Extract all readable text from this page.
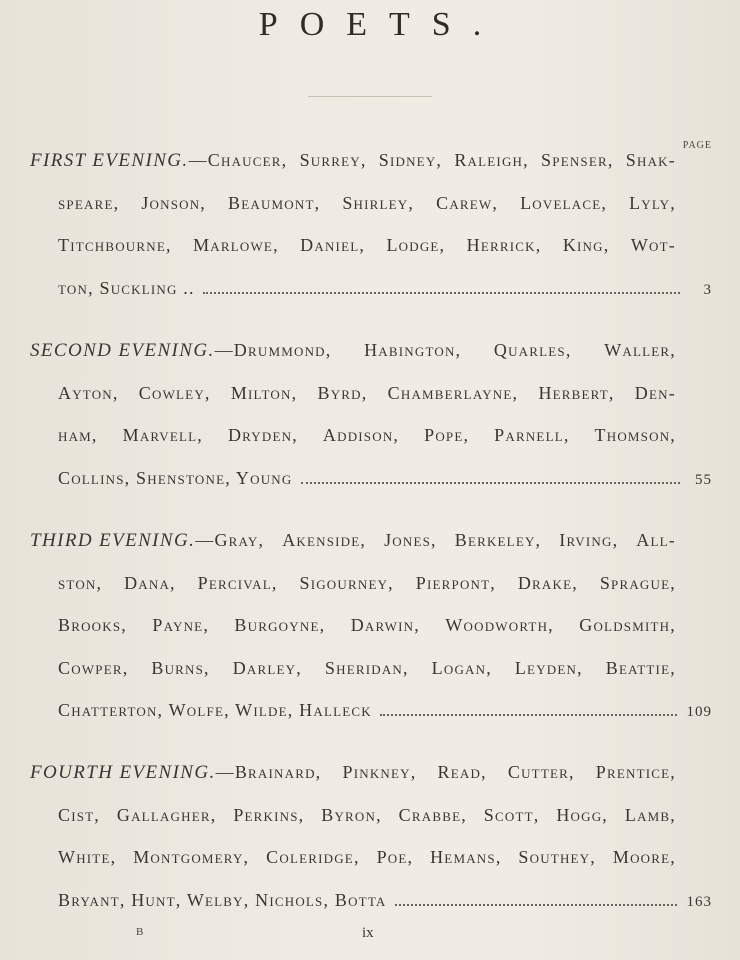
POETS.
PAGE
FIRST EVENING.—Chaucer, Surrey, Sidney, Raleigh, Spenser, Shak-
speare, Jonson, Beaumont, Shirley, Carew, Lovelace, Lyly,
Titchbourne, Marlowe, Daniel, Lodge, Herrick, King, Wot-
ton, Suckling ..	3
SECOND EVENING.—Drummond, Habington, Quarles, Waller,
Ayton, Cowley, Milton, Byrd, Chamberlayne, Herbert, Den-
ham, Marvell, Dryden, Addison, Pope, Parnell, Thomson,
Collins, Shenstone, Young	55
THIRD EVENING.—Gray, Akenside, Jones, Berkeley, Irving, All-
ston, Dana, Percival, Sigourney, Pierpont, Drake, Sprague,
Brooks, Payne, Burgoyne, Darwin, Woodworth, Goldsmith,
Cowper, Burns, Darley, Sheridan, Logan, Leyden, Beattie,
Chatterton, Wolfe, Wilde, Halleck	109
FOURTH EVENING.—Brainard, Pinkney, Read, Cutter, Prentice,
Cist, Gallagher, Perkins, Byron, Crabbe, Scott, Hogg, Lamb,
White, Montgomery, Coleridge, Poe, Hemans, Southey, Moore,
Bryant, Hunt, Welby, Nichols, Botta	163
B	ix
